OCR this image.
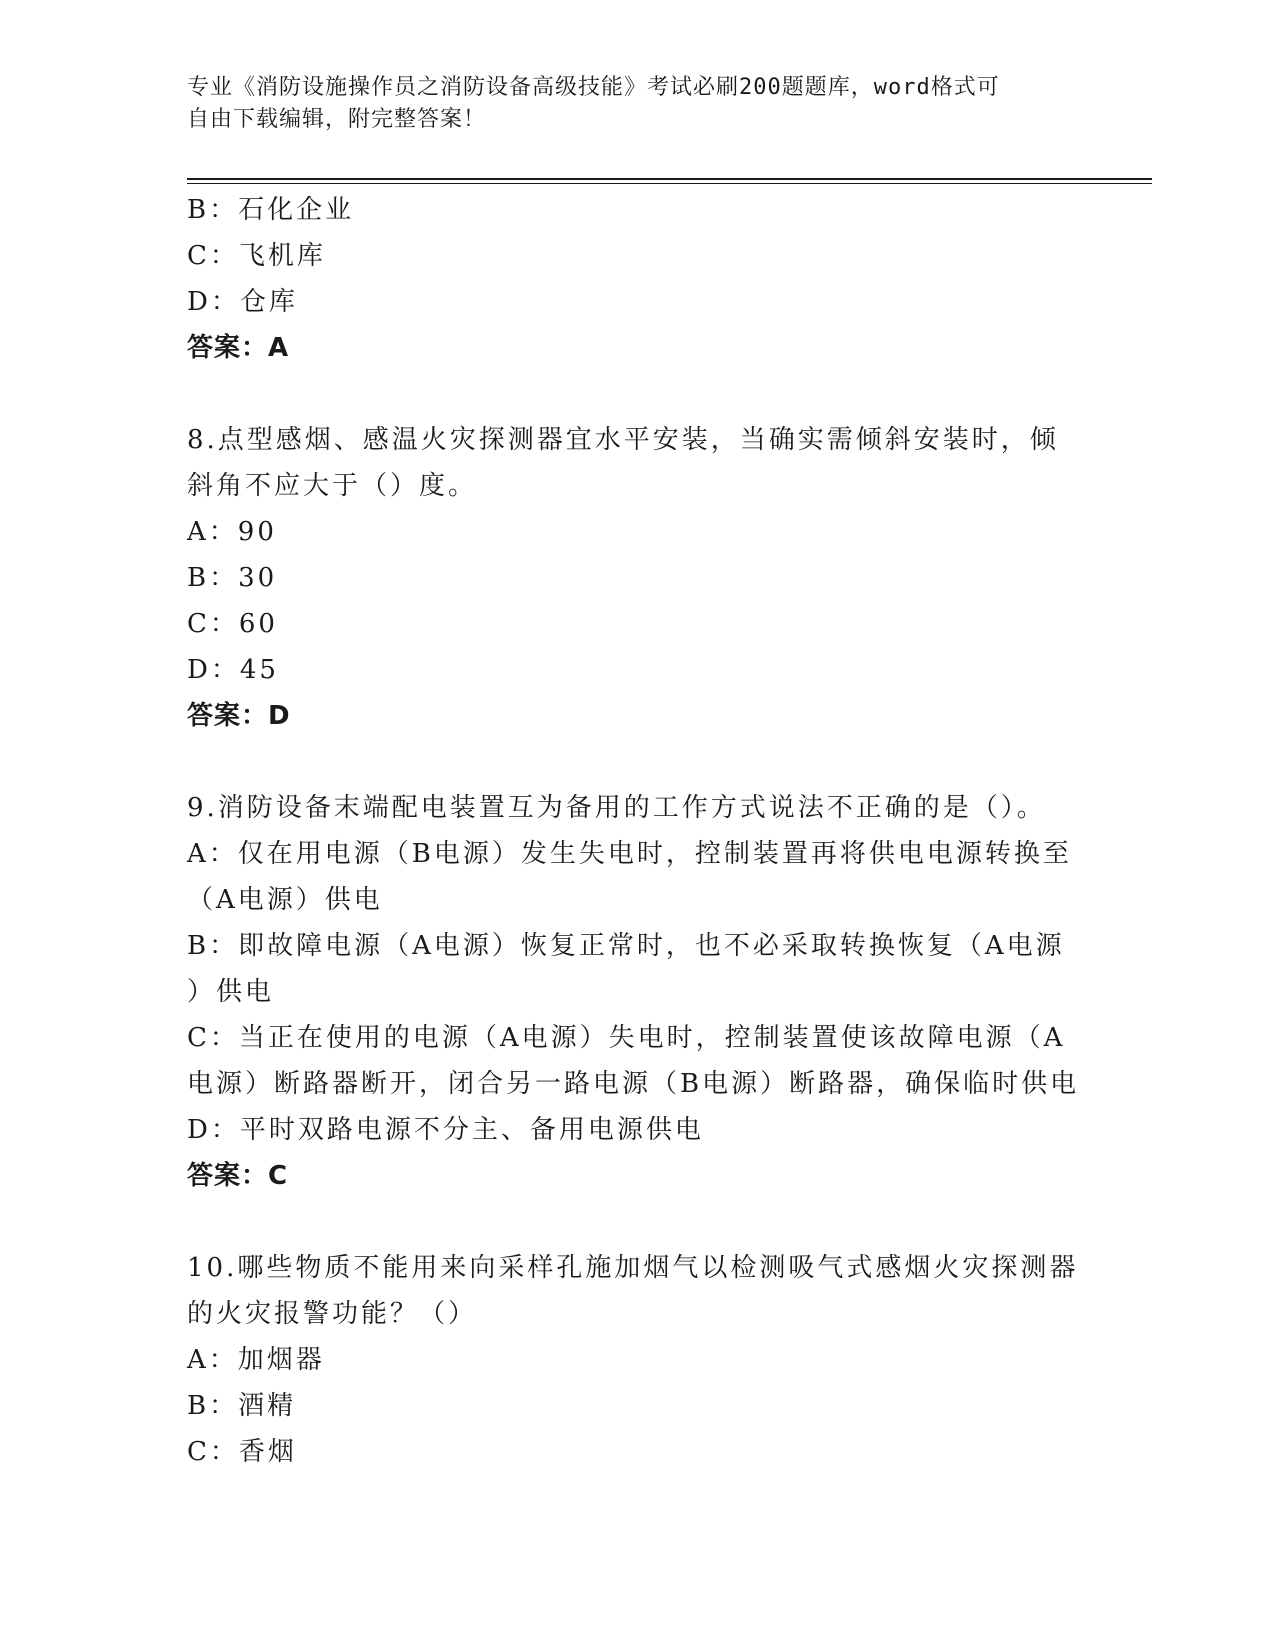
专业《消防设施操作员之消防设备高级技能》考试必刷200题题库，word格式可
自由下载编辑，附完整答案！
B：石化企业
C：飞机库
D：仓库
答案：A
8.点型感烟、感温火灾探测器宜水平安装，当确实需倾斜安装时，倾
斜角不应大于（）度。
A：90
B：30
C：60
D：45
答案：D
9.消防设备末端配电装置互为备用的工作方式说法不正确的是（）。
A：仅在用电源（B电源）发生失电时，控制装置再将供电电源转换至
（A电源）供电
B：即故障电源（A电源）恢复正常时，也不必采取转换恢复（A电源
）供电
C：当正在使用的电源（A电源）失电时，控制装置使该故障电源（A
电源）断路器断开，闭合另一路电源（B电源）断路器，确保临时供电
D：平时双路电源不分主、备用电源供电
答案：C
10.哪些物质不能用来向采样孔施加烟气以检测吸气式感烟火灾探测器
的火灾报警功能？（）
A：加烟器
B：酒精
C：香烟
